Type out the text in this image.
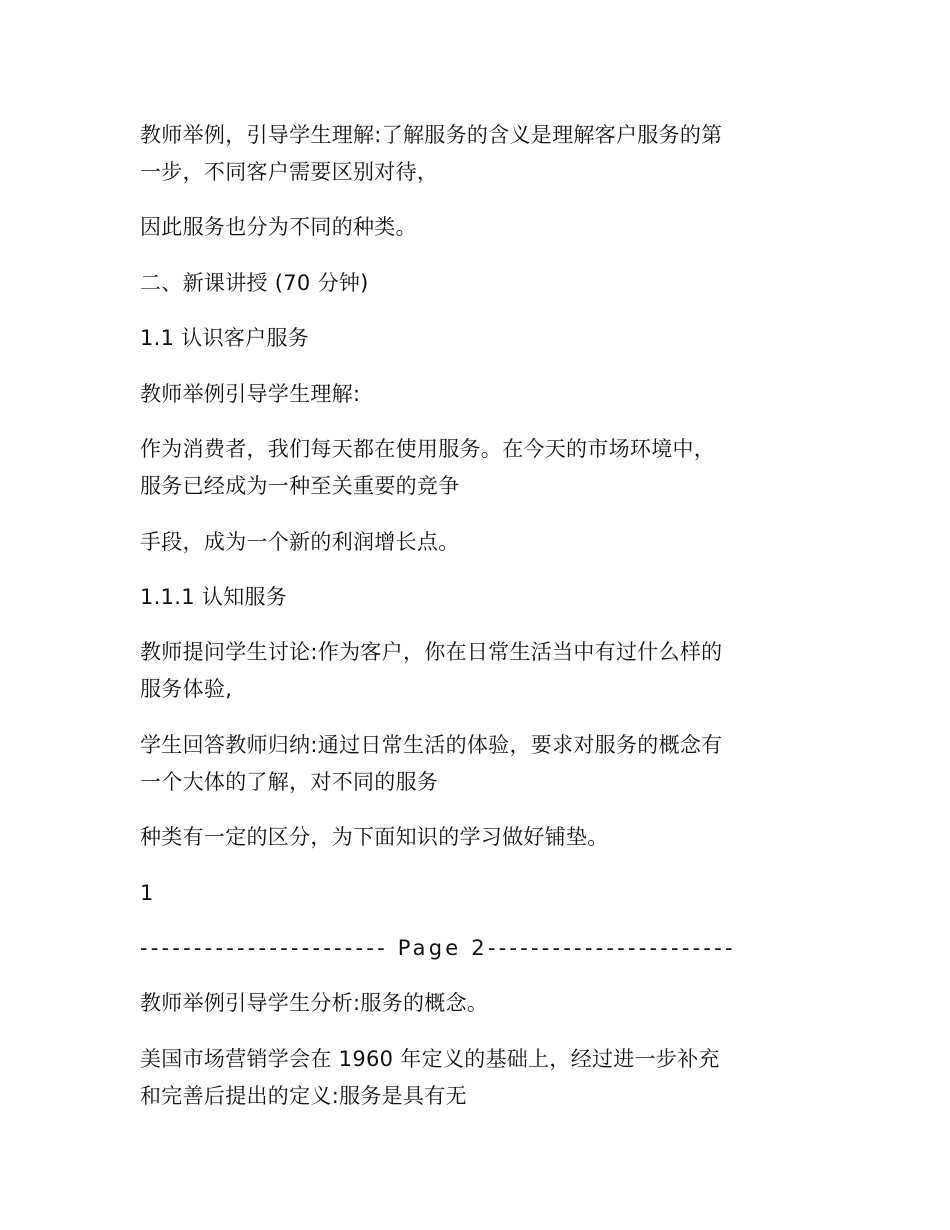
教师举例，引导学生理解:了解服务的含义是理解客户服务的第
一步，不同客户需要区别对待，
因此服务也分为不同的种类。
二、新课讲授 (70 分钟)
1.1 认识客户服务
教师举例引导学生理解:
作为消费者，我们每天都在使用服务。在今天的市场环境中，
服务已经成为一种至关重要的竞争
手段，成为一个新的利润增长点。
1.1.1 认知服务
教师提问学生讨论:作为客户，你在日常生活当中有过什么样的
服务体验,
学生回答教师归纳:通过日常生活的体验，要求对服务的概念有
一个大体的了解，对不同的服务
种类有一定的区分，为下面知识的学习做好铺垫。
1
----------------------- Page 2-----------------------
教师举例引导学生分析:服务的概念。
美国市场营销学会在 1960 年定义的基础上，经过进一步补充
和完善后提出的定义:服务是具有无
